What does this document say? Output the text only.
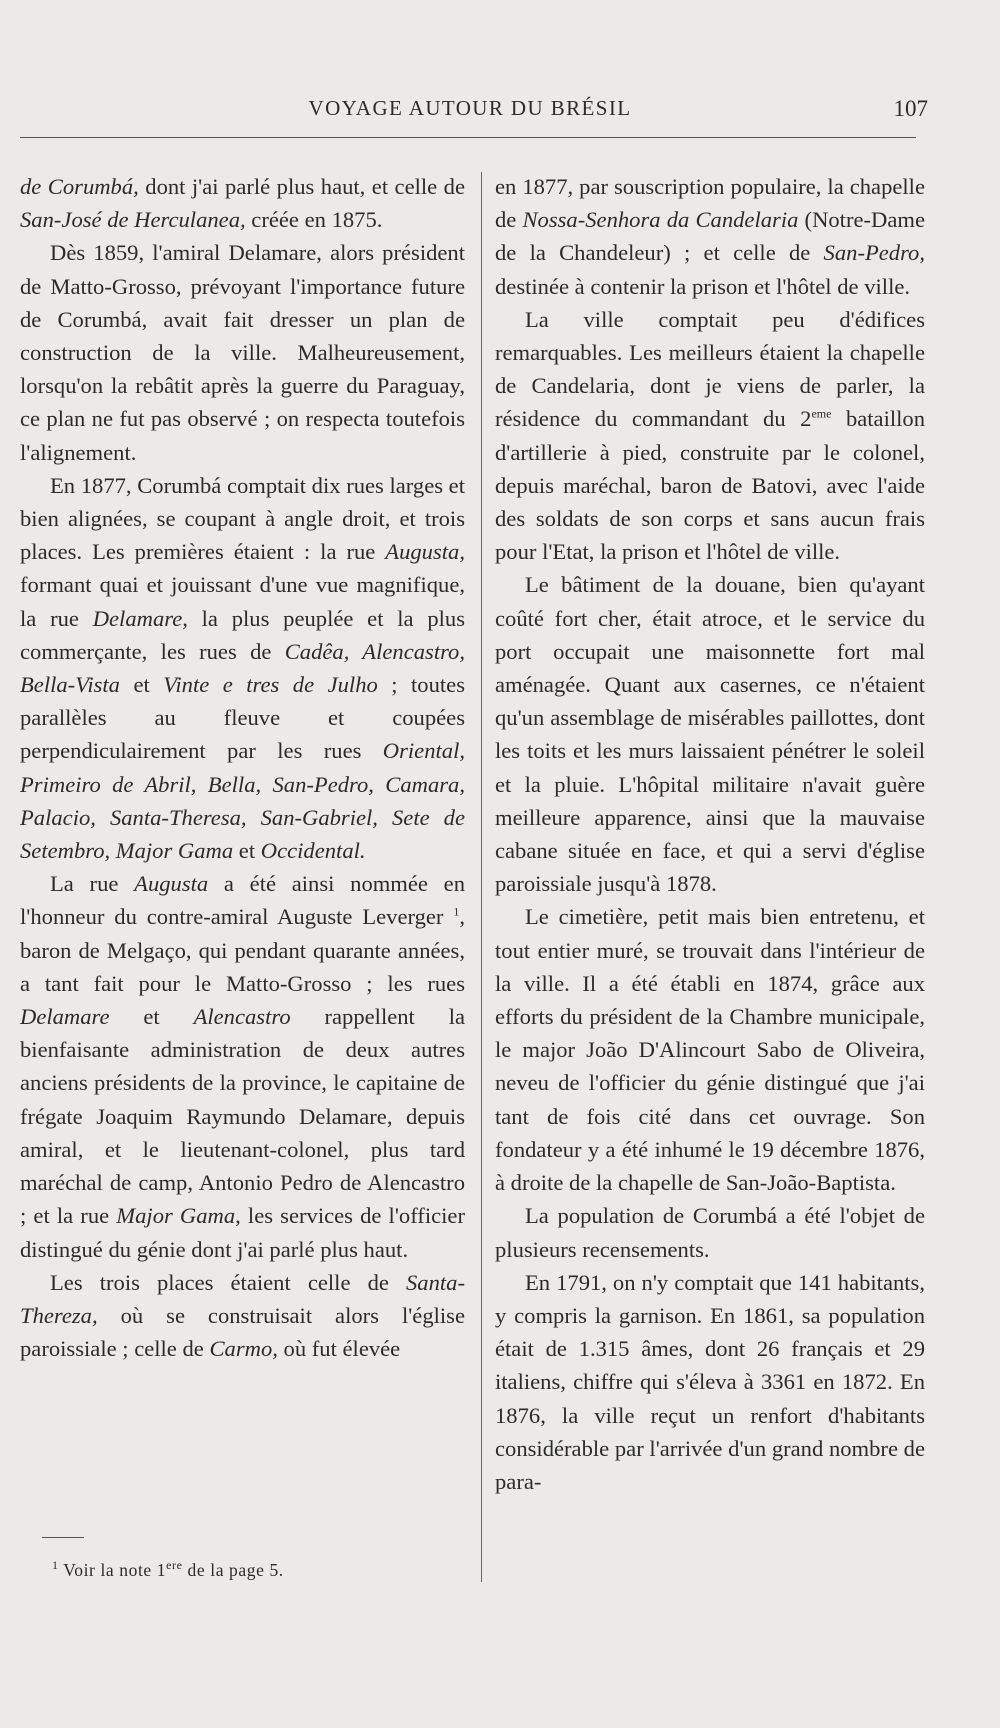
VOYAGE AUTOUR DU BRÉSIL	107

de Corumbá, dont j'ai parlé plus haut, et celle de San-José de Herculanea, créée en 1875.

Dès 1859, l'amiral Delamare, alors président de Matto-Grosso, prévoyant l'importance future de Corumbá, avait fait dresser un plan de construction de la ville. Malheureusement, lorsqu'on la rebâtit après la guerre du Paraguay, ce plan ne fut pas observé ; on respecta toutefois l'alignement.

En 1877, Corumbá comptait dix rues larges et bien alignées, se coupant à angle droit, et trois places. Les premières étaient : la rue Augusta, formant quai et jouissant d'une vue magnifique, la rue Delamare, la plus peuplée et la plus commerçante, les rues de Cadêa, Alencastro, Bella-Vista et Vinte e tres de Julho ; toutes parallèles au fleuve et coupées perpendiculairement par les rues Oriental, Primeiro de Abril, Bella, San-Pedro, Camara, Palacio, Santa-Theresa, San-Gabriel, Sete de Setembro, Major Gama et Occidental.

La rue Augusta a été ainsi nommée en l'honneur du contre-amiral Auguste Leverger $^1$, baron de Melgaço, qui pendant quarante années, a tant fait pour le Matto-Grosso ; les rues Delamare et Alencastro rappellent la bienfaisante administration de deux autres anciens présidents de la province, le capitaine de frégate Joaquim Raymundo Delamare, depuis amiral, et le lieutenant-colonel, plus tard maréchal de camp, Antonio Pedro de Alencastro ; et la rue Major Gama, les services de l'officier distingué du génie dont j'ai parlé plus haut.

Les trois places étaient celle de Santa-Thereza, où se construisait alors l'église paroissiale ; celle de Carmo, où fut élevée

en 1877, par souscription populaire, la chapelle de Nossa-Senhora da Candelaria (Notre-Dame de la Chandeleur) ; et celle de San-Pedro, destinée à contenir la prison et l'hôtel de ville.

La ville comptait peu d'édifices remarquables. Les meilleurs étaient la chapelle de Candelaria, dont je viens de parler, la résidence du commandant du 2eme bataillon d'artillerie à pied, construite par le colonel, depuis maréchal, baron de Batovi, avec l'aide des soldats de son corps et sans aucun frais pour l'Etat, la prison et l'hôtel de ville.

Le bâtiment de la douane, bien qu'ayant coûté fort cher, était atroce, et le service du port occupait une maisonnette fort mal aménagée. Quant aux casernes, ce n'étaient qu'un assemblage de misérables paillottes, dont les toits et les murs laissaient pénétrer le soleil et la pluie. L'hôpital militaire n'avait guère meilleure apparence, ainsi que la mauvaise cabane située en face, et qui a servi d'église paroissiale jusqu'à 1878.

Le cimetière, petit mais bien entretenu, et tout entier muré, se trouvait dans l'intérieur de la ville. Il a été établi en 1874, grâce aux efforts du président de la Chambre municipale, le major João D'Alincourt Sabo de Oliveira, neveu de l'officier du génie distingué que j'ai tant de fois cité dans cet ouvrage. Son fondateur y a été inhumé le 19 décembre 1876, à droite de la chapelle de San-João-Baptista.

La population de Corumbá a été l'objet de plusieurs recensements.

En 1791, on n'y comptait que 141 habitants, y compris la garnison. En 1861, sa population était de 1.315 âmes, dont 26 français et 29 italiens, chiffre qui s'éleva à 3361 en 1872. En 1876, la ville reçut un renfort d'habitants considérable par l'arrivée d'un grand nombre de para-

$^1$ Voir la note 1ere de la page 5.
